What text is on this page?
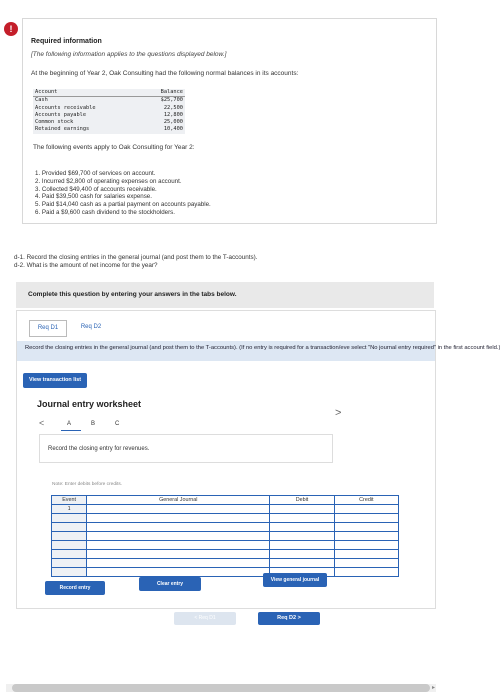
!
Required information
[The following information applies to the questions displayed below.]
At the beginning of Year 2, Oak Consulting had the following normal balances in its accounts:
Account	Balance
Cash	$25,700
Accounts receivable	22,500
Accounts payable	12,800
Common stock	25,000
Retained earnings	10,400
The following events apply to Oak Consulting for Year 2:
1. Provided $69,700 of services on account.
2. Incurred $2,800 of operating expenses on account.
3. Collected $49,400 of accounts receivable.
4. Paid $39,500 cash for salaries expense.
5. Paid $14,040 cash as a partial payment on accounts payable.
6. Paid a $9,600 cash dividend to the stockholders.
d-1. Record the closing entries in the general journal (and post them to the T-accounts).
d-2. What is the amount of net income for the year?
Complete this question by entering your answers in the tabs below.
Req D1	Req D2
Record the closing entries in the general journal (and post them to the T-accounts). (If no entry is required for a transaction/eve select "No journal entry required" in the first account field.)
View transaction list
Journal entry worksheet
<	A	B	C
>
Record the closing entry for revenues.
Note: Enter debits before credits.
Event	General Journal	Debit	Credit
1			

Record entry
Clear entry
View general journal
< Req D1	Req D2 >
▸
